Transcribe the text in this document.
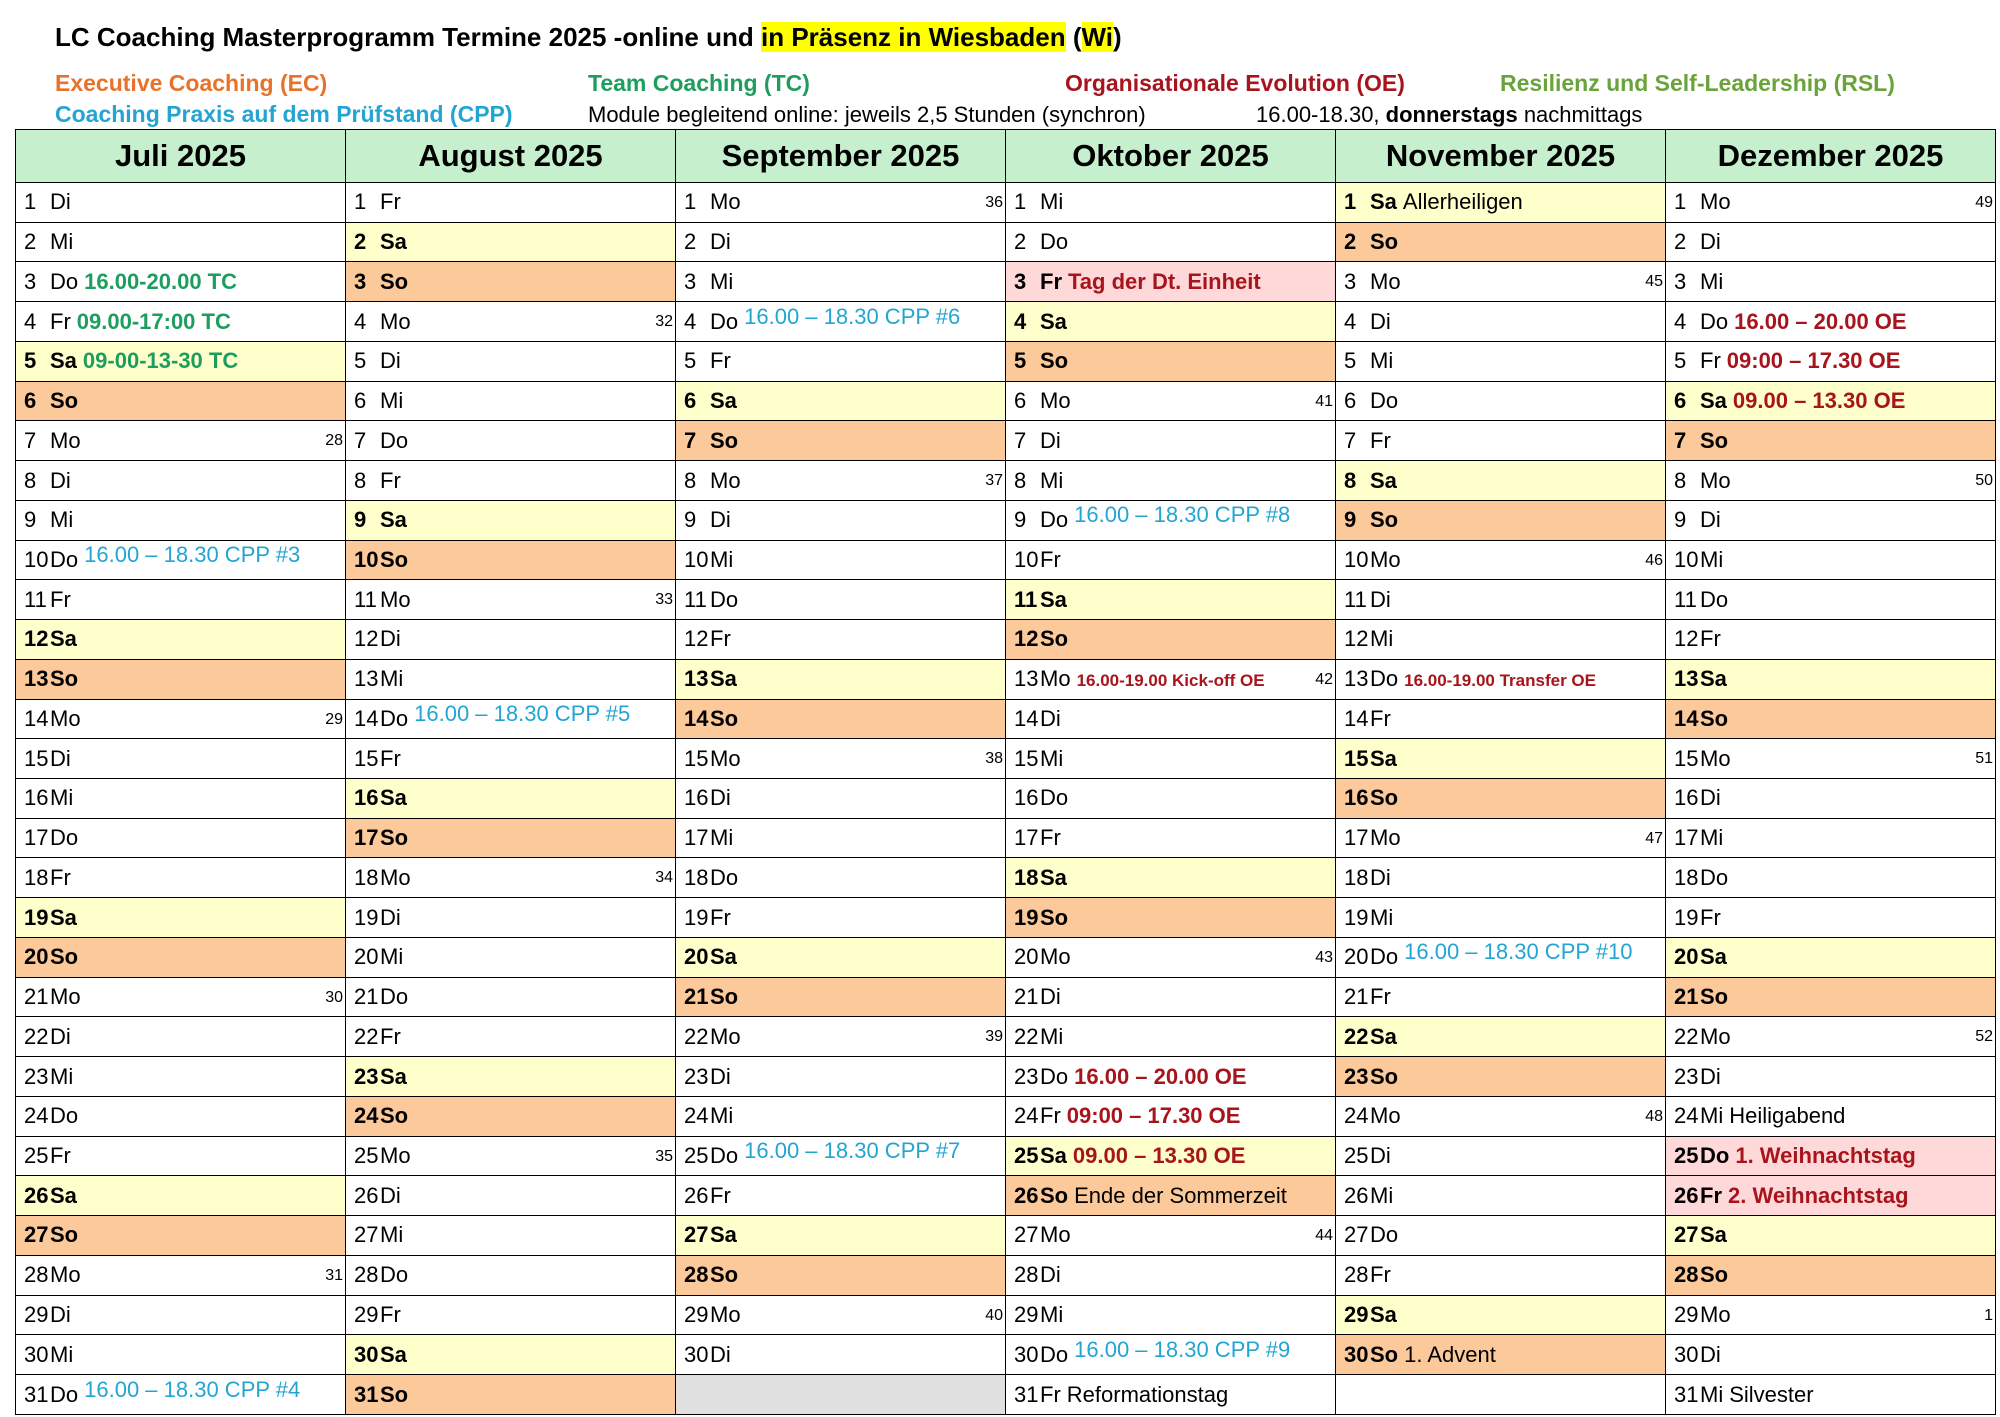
LC Coaching Masterprogramm Termine 2025 -online und in Präsenz in Wiesbaden (Wi)
Executive Coaching (EC)	Team Coaching (TC)	Organisationale Evolution (OE)	Resilienz und Self-Leadership (RSL)
Coaching Praxis auf dem Prüfstand (CPP)	Module begleitend online: jeweils 2,5 Stunden (synchron)	16.00-18.30, donnerstags nachmittags
Juli 2025	August 2025	September 2025	Oktober 2025	November 2025	Dezember 2025
1 Di	1 Fr	1 Mo 36	1 Mi	1 Sa Allerheiligen	1 Mo 49

2 Mi	2 Sa	2 Di	2 Do	2 So	2 Di
3 Do 16.00-20.00 TC	3 So	3 Mi	3 Fr Tag der Dt. Einheit	3 Mo 45	3 Mi
4 Fr 09.00-17:00 TC	4 Mo 32	4 Do 16.00 – 18.30 CPP #6	4 Sa	4 Di	4 Do 16.00 – 20.00 OE
5 Sa 09-00-13-30 TC	5 Di	5 Fr	5 So	5 Mi	5 Fr 09:00 – 17.30 OE
6 So	6 Mi	6 Sa	6 Mo 41	6 Do	6 Sa 09.00 – 13.30 OE
7 Mo 28	7 Do	7 So	7 Di	7 Fr	7 So
8 Di	8 Fr	8 Mo 37	8 Mi	8 Sa	8 Mo 50

9 Mi	9 Sa	9 Di	9 Do 16.00 – 18.30 CPP #8	9 So	9 Di
10Do 16.00 – 18.30 CPP #3	10So	10Mi	10Fr	10Mo 46	10Mi
11 Fr	11 Mo 33	11 Do	11 Sa	11 Di	11 Do
12Sa	12Di	12Fr	12So	12Mi	12Fr
13So	13Mi	13Sa	13Mo 16.00-19.00 Kick-off OE 42	13Do 16.00-19.00 Transfer OE	13Sa
14Mo 29	14Do 16.00 – 18.30 CPP #5	14So	14Di	14Fr	14So
15Di	15Fr	15Mo 38	15Mi	15Sa	15Mo 51

16Mi	16Sa	16Di	16Do	16So	16Di
17Do	17So	17Mi	17Fr	17Mo 47	17Mi
18Fr	18Mo 34	18Do	18Sa	18Di	18Do
19Sa	19Di	19Fr	19So	19Mi	19Fr
20So	20Mi	20Sa	20Mo 43	20Do 16.00 – 18.30 CPP #10	20Sa
21Mo 30	21Do	21So	21Di	21Fr	21So
22Di	22Fr	22Mo 39	22Mi	22Sa	22Mo 52

23Mi	23Sa	23Di	23Do 16.00 – 20.00 OE	23So	23Di
24Do	24So	24Mi	24Fr 09:00 – 17.30 OE	24Mo 48	24Mi Heiligabend
25Fr	25Mo 35	25Do 16.00 – 18.30 CPP #7	25Sa 09.00 – 13.30 OE	25Di	25Do 1. Weihnachtstag
26Sa	26Di	26Fr	26So Ende der Sommerzeit	26Mi	26Fr 2. Weihnachtstag
27So	27Mi	27Sa	27Mo 44	27Do	27Sa
28Mo 31	28Do	28So	28Di	28Fr	28So
29Di	29Fr	29Mo 40	29Mi	29Sa	29Mo 1

30Mi	30Sa	30Di	30Do 16.00 – 18.30 CPP #9	30So 1. Advent	30Di
31Do 16.00 – 18.30 CPP #4	31So		31Fr Reformationstag		31Mi Silvester
